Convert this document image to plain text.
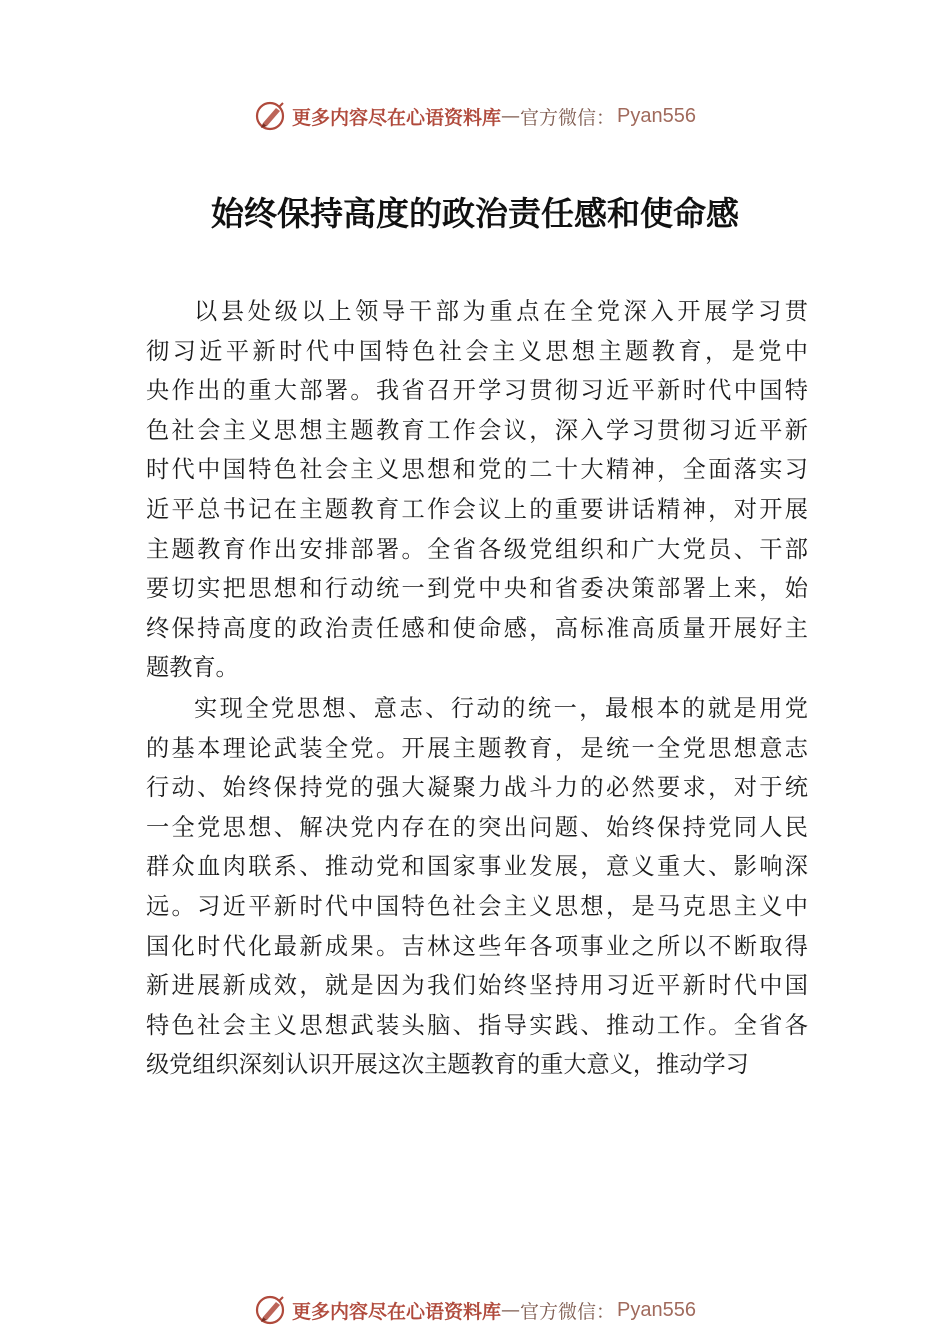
更多内容尽在心语资料库 — 官方微信： Pyan556
始终保持高度的政治责任感和使命感
以县处级以上领导干部为重点在全党深入开展学习贯
彻习近平新时代中国特色社会主义思想主题教育，是党中
央作出的重大部署。我省召开学习贯彻习近平新时代中国特
色社会主义思想主题教育工作会议，深入学习贯彻习近平新
时代中国特色社会主义思想和党的二十大精神，全面落实习
近平总书记在主题教育工作会议上的重要讲话精神，对开展
主题教育作出安排部署。全省各级党组织和广大党员、干部
要切实把思想和行动统一到党中央和省委决策部署上来，始
终保持高度的政治责任感和使命感，高标准高质量开展好主
题教育。
实现全党思想、意志、行动的统一，最根本的就是用党
的基本理论武装全党。开展主题教育，是统一全党思想意志
行动、始终保持党的强大凝聚力战斗力的必然要求，对于统
一全党思想、解决党内存在的突出问题、始终保持党同人民
群众血肉联系、推动党和国家事业发展，意义重大、影响深
远。习近平新时代中国特色社会主义思想，是马克思主义中
国化时代化最新成果。吉林这些年各项事业之所以不断取得
新进展新成效，就是因为我们始终坚持用习近平新时代中国
特色社会主义思想武装头脑、指导实践、推动工作。全省各
级党组织深刻认识开展这次主题教育的重大意义，推动学习
更多内容尽在心语资料库 — 官方微信： Pyan556
